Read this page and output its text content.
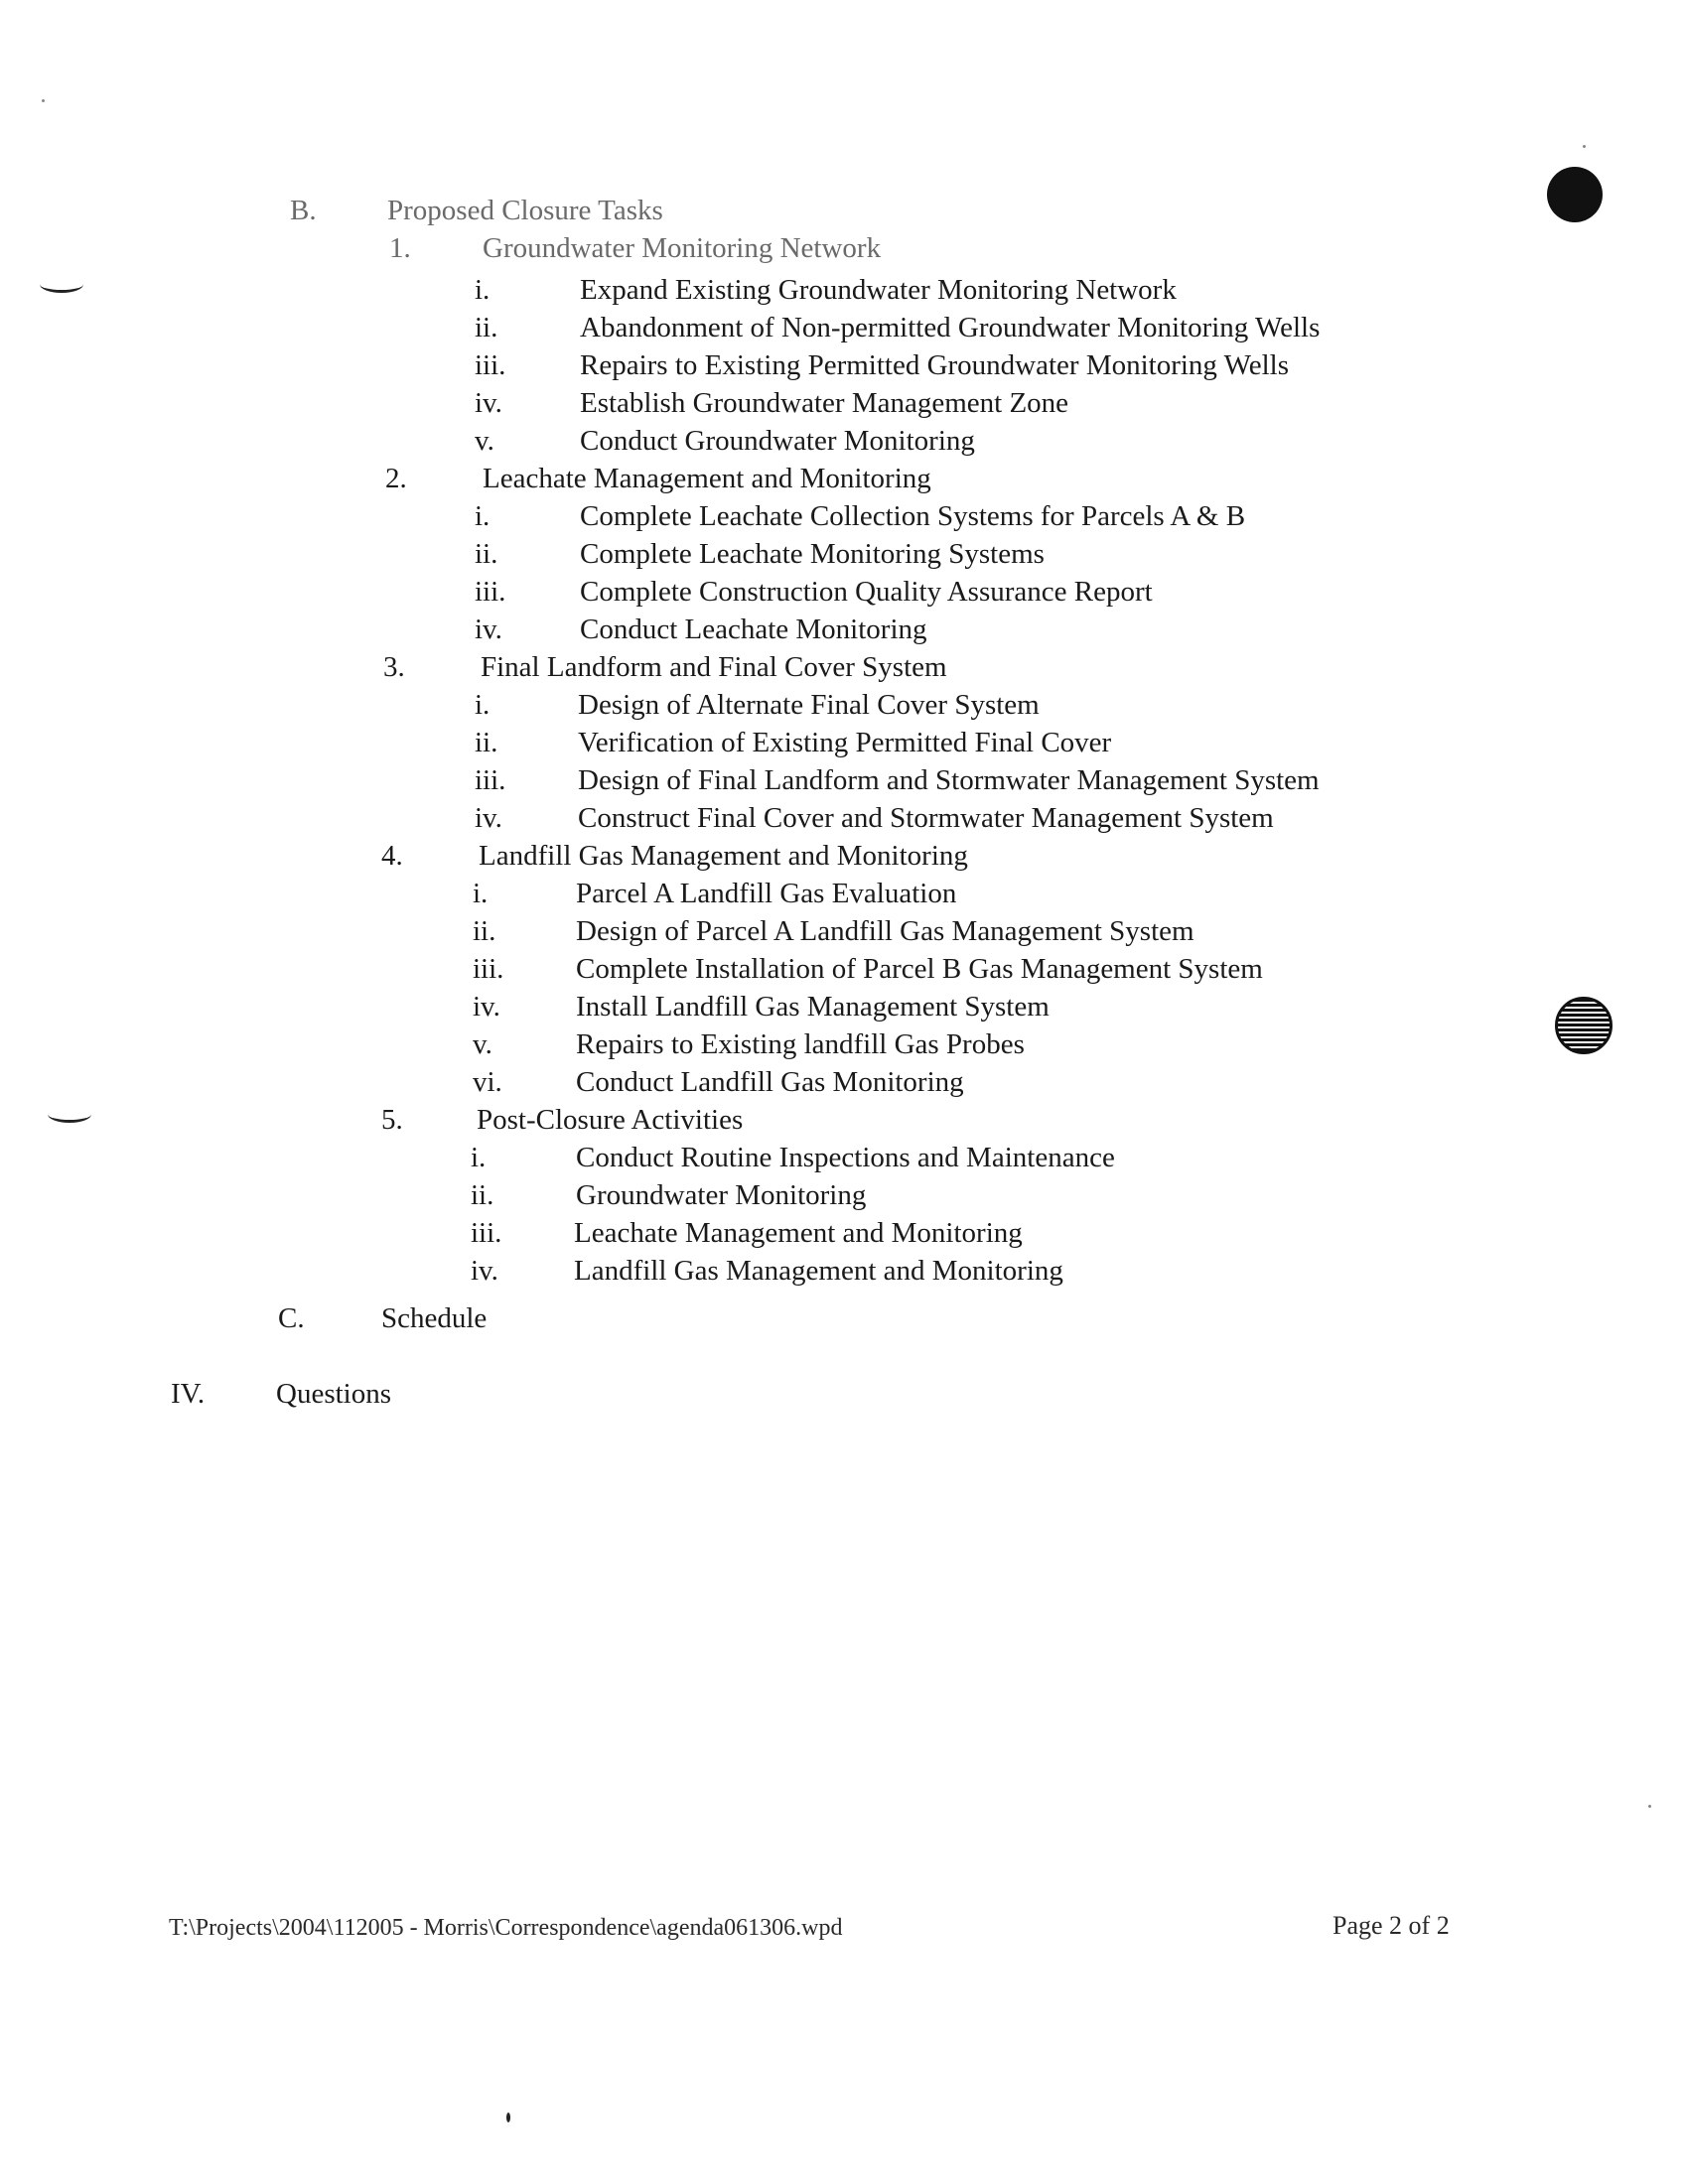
B. Proposed Closure Tasks
1. Groundwater Monitoring Network
i.	Expand Existing Groundwater Monitoring Network
ii.	Abandonment of Non-permitted Groundwater Monitoring Wells
iii.	Repairs to Existing Permitted Groundwater Monitoring Wells
iv.	Establish Groundwater Management Zone
v.	Conduct Groundwater Monitoring
2.	Leachate Management and Monitoring
i.	Complete Leachate Collection Systems for Parcels A & B
ii.	Complete Leachate Monitoring Systems
iii.	Complete Construction Quality Assurance Report
iv.	Conduct Leachate Monitoring
3.	Final Landform and Final Cover System
i.	Design of Alternate Final Cover System
ii.	Verification of Existing Permitted Final Cover
iii.	Design of Final Landform and Stormwater Management System
iv.	Construct Final Cover and Stormwater Management System
4.	Landfill Gas Management and Monitoring
i.	Parcel A Landfill Gas Evaluation
ii.	Design of Parcel A Landfill Gas Management System
iii.	Complete Installation of Parcel B Gas Management System
iv.	Install Landfill Gas Management System
v.	Repairs to Existing landfill Gas Probes
vi.	Conduct Landfill Gas Monitoring
5.	Post-Closure Activities
i.	Conduct Routine Inspections and Maintenance
ii.	Groundwater Monitoring
iii.	Leachate Management and Monitoring
iv.	Landfill Gas Management and Monitoring
C.	Schedule
IV. Questions
T:\Projects\2004\112005 - Morris\Correspondence\agenda061306.wpd	Page 2 of 2
